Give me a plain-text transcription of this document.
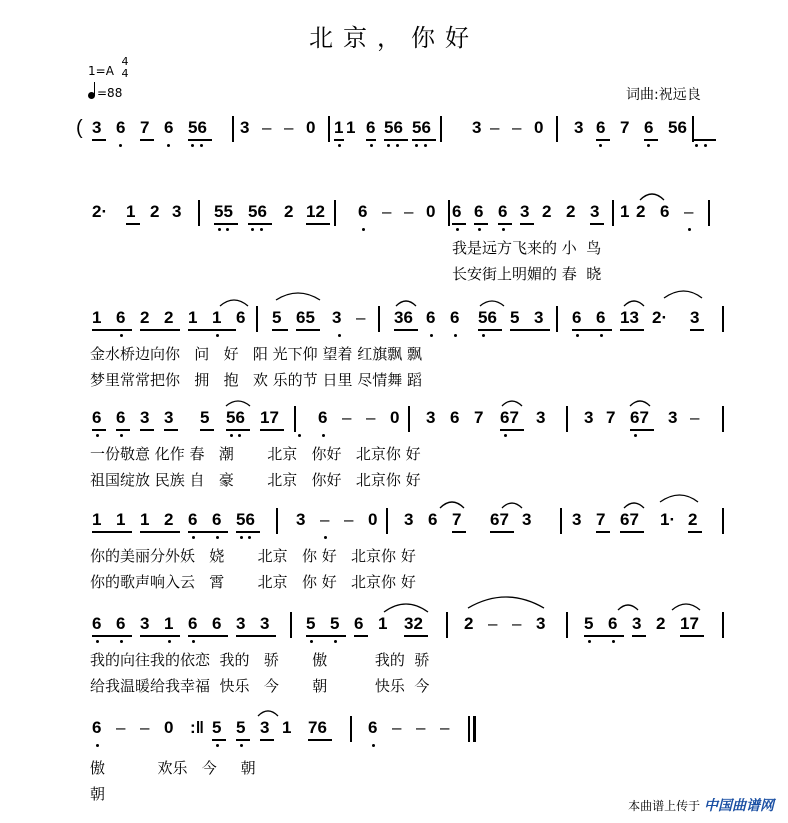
北京，你好
1=A
4
4
=88	词曲:祝远良
( 3 6 7 6 56 3 – – 0 1 1 6 56 56 3 – – 0 3 6 7 6 56
2· 1 2 3 55 56 2 12 6 – – 0 6 6 6 3 2 2 3 1 2 6 –
1 6 2 2 1 1 6 5 65 3 – 36 6 6 56 5 3 6 6 13 2· 3
6 6 3 3 5 56 17 6 – – 0 3 6 7 67 3 3 7 67 3 –
1 1 1 2 6 6 56 3 – – 0 3 6 7 67 3 3 7 67 1· 2
6 6 3 1 6 6 3 3 5 5 6 1 32 2 – – 3 5 6 3 2 17
6 – – 0 :‖ 5 5 3 1 76 6 – – –
我是远方飞来的 小  鸟
长安街上明媚的 春  晓
金水桥边向你   问   好   阳 光下仰 望着 红旗飘 飘
梦里常常把你   拥   抱   欢 乐的节 日里 尽情舞 蹈
一份敬意 化作 春   潮       北京   你好   北京你 好
祖国绽放 民族 自   豪       北京   你好   北京你 好
你的美丽分外妖   娆       北京   你 好   北京你 好
你的歌声响入云   霄       北京   你 好   北京你 好
我的向往我的依恋  我的   骄       傲          我的  骄
给我温暖给我幸福  快乐   今       朝          快乐  今
傲           欢乐   今     朝
朝
本曲谱上传于 中国曲谱网
